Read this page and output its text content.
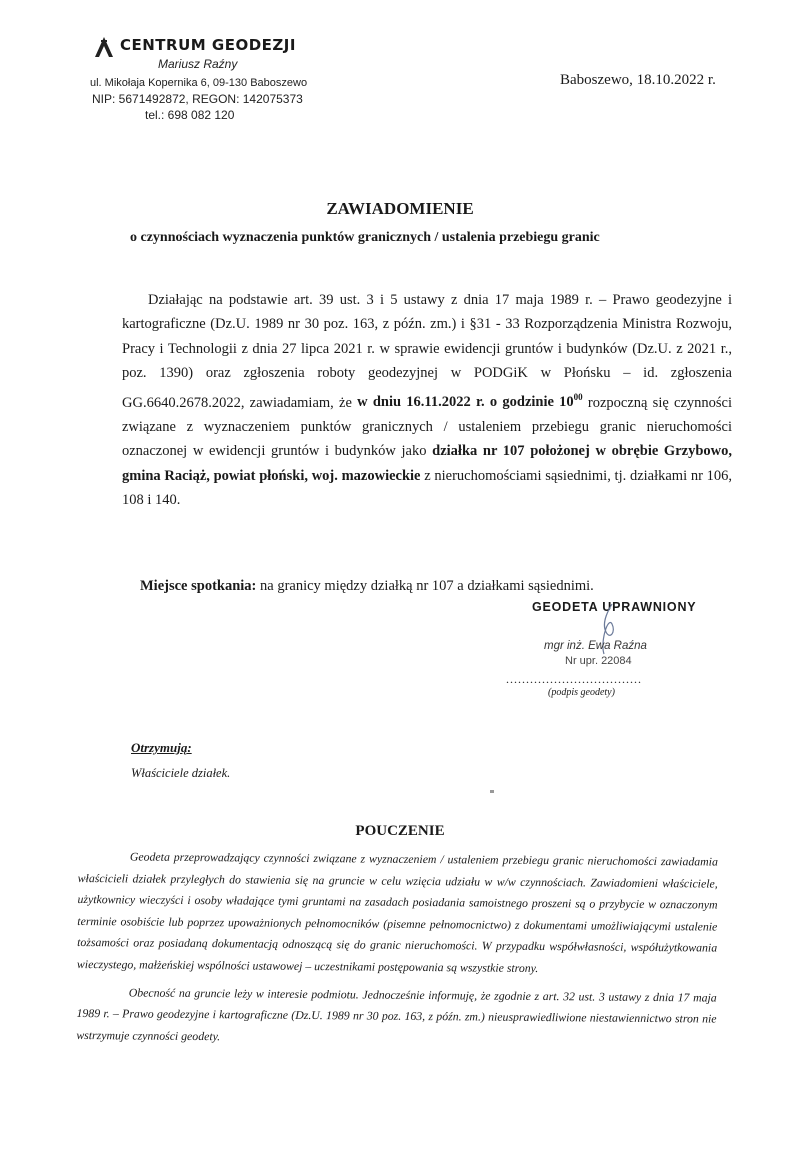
CENTRUM GEODEZJI
Mariusz Raźny
ul. Mikołaja Kopernika 6, 09-130 Baboszewo
NIP: 5671492872, REGON: 142075373
tel.: 698 082 120
Baboszewo, 18.10.2022 r.
ZAWIADOMIENIE
o czynnościach wyznaczenia punktów granicznych / ustalenia przebiegu granic
Działając na podstawie art. 39 ust. 3 i 5 ustawy z dnia 17 maja 1989 r. – Prawo geodezyjne i kartograficzne (Dz.U. 1989 nr 30 poz. 163, z późn. zm.) i §31 - 33 Rozporządzenia Ministra Rozwoju, Pracy i Technologii z dnia 27 lipca 2021 r. w sprawie ewidencji gruntów i budynków (Dz.U. z 2021 r., poz. 1390) oraz zgłoszenia roboty geodezyjnej w PODGiK w Płońsku – id. zgłoszenia GG.6640.2678.2022, zawiadamiam, że w dniu 16.11.2022 r. o godzinie $10^{00}$ rozpoczną się czynności związane z wyznaczeniem punktów granicznych / ustaleniem przebiegu granic nieruchomości oznaczonej w ewidencji gruntów i budynków jako działka nr 107 położonej w obrębie Grzybowo, gmina Raciąż, powiat płoński, woj. mazowieckie z nieruchomościami sąsiednimi, tj. działkami nr 106, 108 i 140.
Miejsce spotkania: na granicy między działką nr 107 a działkami sąsiednimi.
GEODETA UPRAWNIONY
mgr inż. Ewa Raźna
Nr upr. 22084
..................................
(podpis geodety)
Otrzymują:
Właściciele działek.
POUCZENIE
Geodeta przeprowadzający czynności związane z wyznaczeniem / ustaleniem przebiegu granic nieruchomości zawiadamia właścicieli działek przyległych do stawienia się na gruncie w celu wzięcia udziału w w/w czynnościach. Zawiadomieni właściciele, użytkownicy wieczyści i osoby władające tymi gruntami na zasadach posiadania samoistnego proszeni są o przybycie w oznaczonym terminie osobiście lub poprzez upoważnionych pełnomocników (pisemne pełnomocnictwo) z dokumentami umożliwiającymi ustalenie tożsamości oraz posiadaną dokumentacją odnoszącą się do granic nieruchomości. W przypadku współwłasności, współużytkowania wieczystego, małżeńskiej wspólności ustawowej – uczestnikami postępowania są wszystkie strony.
Obecność na gruncie leży w interesie podmiotu. Jednocześnie informuję, że zgodnie z art. 32 ust. 3 ustawy z dnia 17 maja 1989 r. – Prawo geodezyjne i kartograficzne (Dz.U. 1989 nr 30 poz. 163, z późn. zm.) nieusprawiedliwione niestawiennictwo stron nie wstrzymuje czynności geodety.
